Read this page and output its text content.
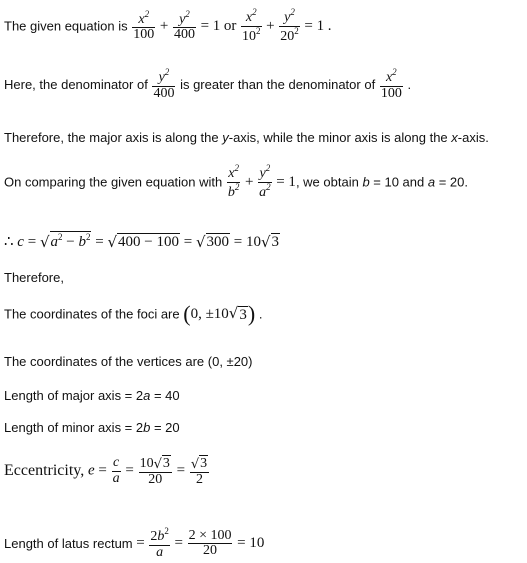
The given equation is $\frac{x^2}{100} + \frac{y^2}{400} = 1$ or $\frac{x^2}{10^2} + \frac{y^2}{20^2} = 1$ .
Here, the denominator of $\frac{y^2}{400}$ is greater than the denominator of $\frac{x^2}{100}$ .
Therefore, the major axis is along the y-axis, while the minor axis is along the x-axis.
On comparing the given equation with $\frac{x^2}{b^2} + \frac{y^2}{a^2} = 1$, we obtain b = 10 and a = 20.
∴ $c = √a^2 - b^2 = √400 - 100 = √300 = 10√3$
Therefore,
The coordinates of the foci are (0, ±10√3) .
The coordinates of the vertices are (0, ±20)
Length of major axis = 2a = 40
Length of minor axis = 2b = 20
Eccentricity, $e = \frac{c}{a} = \frac{10√3}{20} = \frac{√3}{2}$
Length of latus rectum = $\frac{2b^2}{a} = \frac{2 \times 100}{20} = 10$
